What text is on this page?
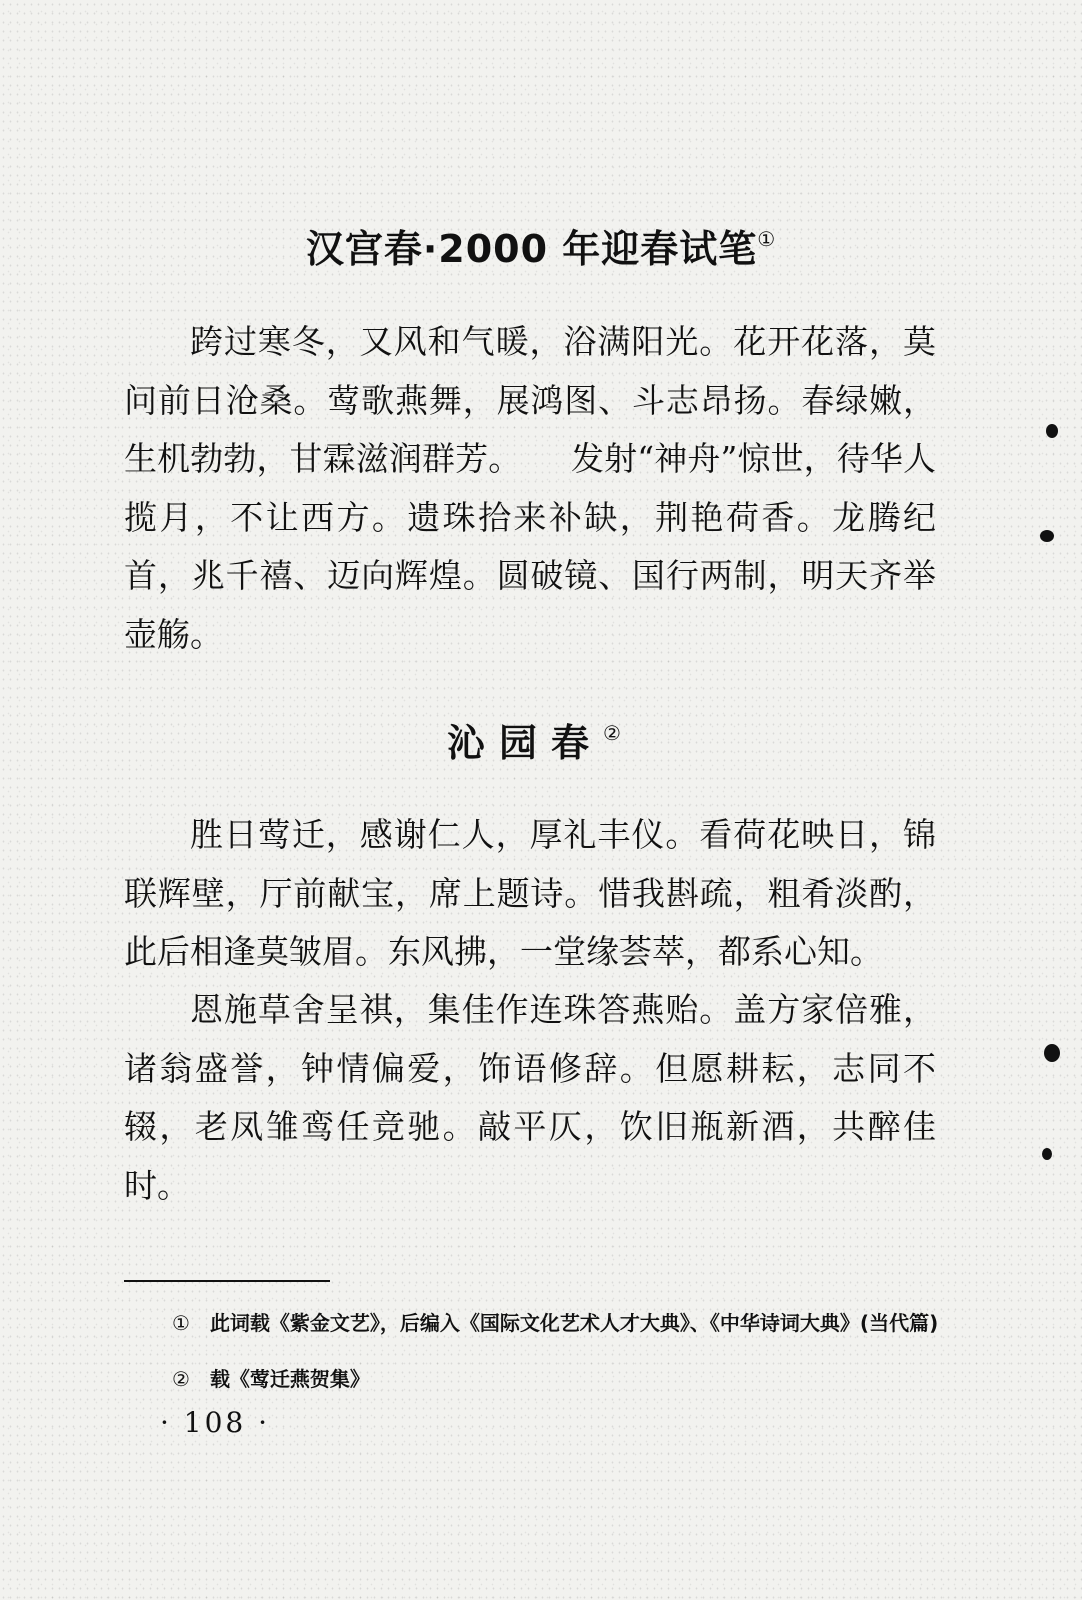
汉宫春·2000 年迎春试笔①

跨过寒冬，又风和气暖，浴满阳光。花开花落，莫问前日沧桑。莺歌燕舞，展鸿图、斗志昂扬。春绿嫩，生机勃勃，甘霖滋润群芳。　　发射“神舟”惊世，待华人揽月，不让西方。遗珠拾来补缺，荆艳荷香。龙腾纪首，兆千禧、迈向辉煌。圆破镜、国行两制，明天齐举壶觞。

沁园春②

胜日莺迁，感谢仁人，厚礼丰仪。看荷花映日，锦联辉壁，厅前献宝，席上题诗。惜我斟疏，粗肴淡酌，此后相逢莫皱眉。东风拂，一堂缘荟萃，都系心知。

恩施草舍呈祺，集佳作连珠答燕贻。盖方家倍雅，诸翁盛誉，钟情偏爱，饰语修辞。但愿耕耘，志同不辍，老凤雏鸾任竞驰。敲平仄，饮旧瓶新酒，共醉佳时。

① 此词载《紫金文艺》，后编入《国际文化艺术人才大典》、《中华诗词大典》(当代篇)

② 载《莺迁燕贺集》

· 108 ·
